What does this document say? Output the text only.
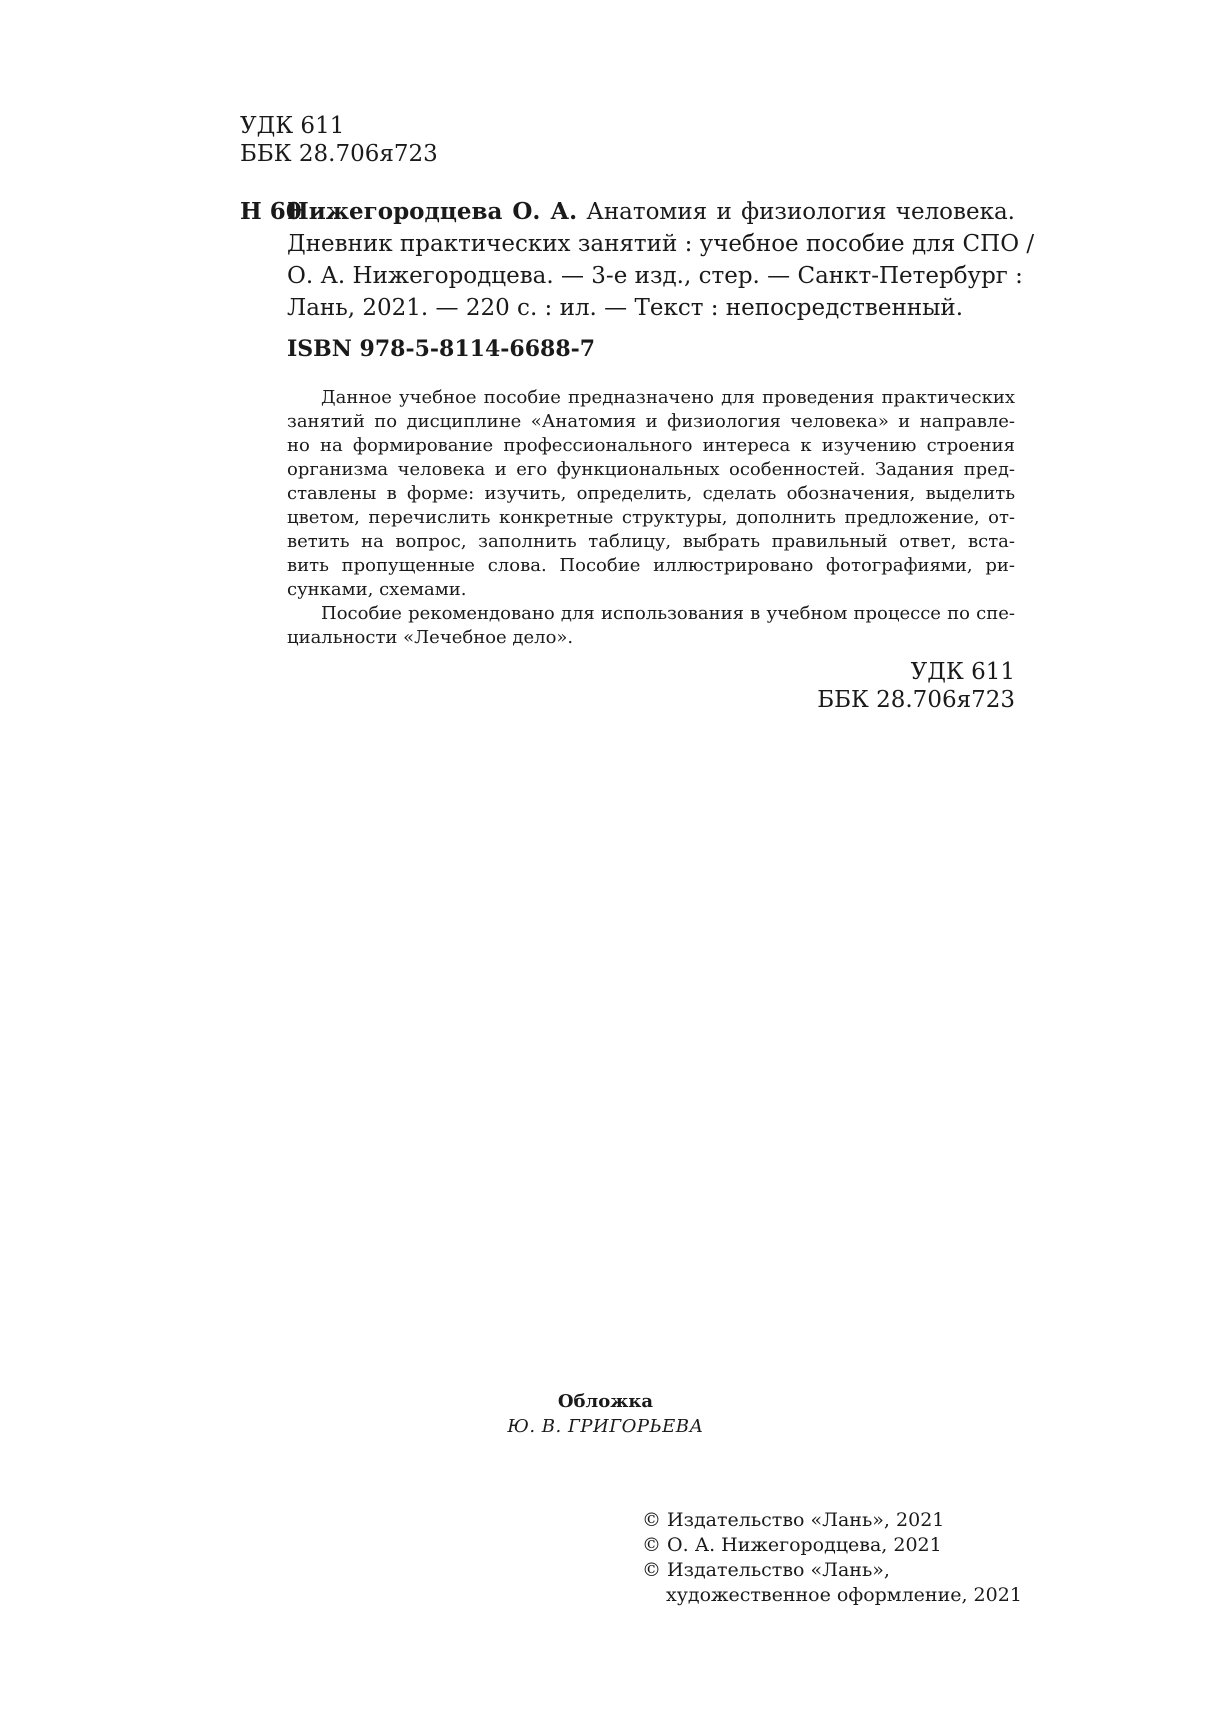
УДК 611
ББК 28.706я723
Н 60
Нижегородцева О. А. Анатомия и физиология человека.
Дневник практических занятий : учебное пособие для СПО /
О. А. Нижегородцева. — 3-е изд., стер. — Санкт-Петербург :
Лань, 2021. — 220 с. : ил. — Текст : непосредственный.
ISBN 978-5-8114-6688-7
Данное учебное пособие предназначено для проведения практических
занятий по дисциплине «Анатомия и физиология человека» и направле-
но на формирование профессионального интереса к изучению строения
организма человека и его функциональных особенностей. Задания пред-
ставлены в форме: изучить, определить, сделать обозначения, выделить
цветом, перечислить конкретные структуры, дополнить предложение, от-
ветить на вопрос, заполнить таблицу, выбрать правильный ответ, вста-
вить пропущенные слова. Пособие иллюстрировано фотографиями, ри-
сунками, схемами.
Пособие рекомендовано для использования в учебном процессе по спе-
циальности «Лечебное дело».
УДК 611
ББК 28.706я723
Обложка
Ю. В. ГРИГОРЬЕВА
© Издательство «Лань», 2021
© О. А. Нижегородцева, 2021
© Издательство «Лань»,
художественное оформление, 2021
